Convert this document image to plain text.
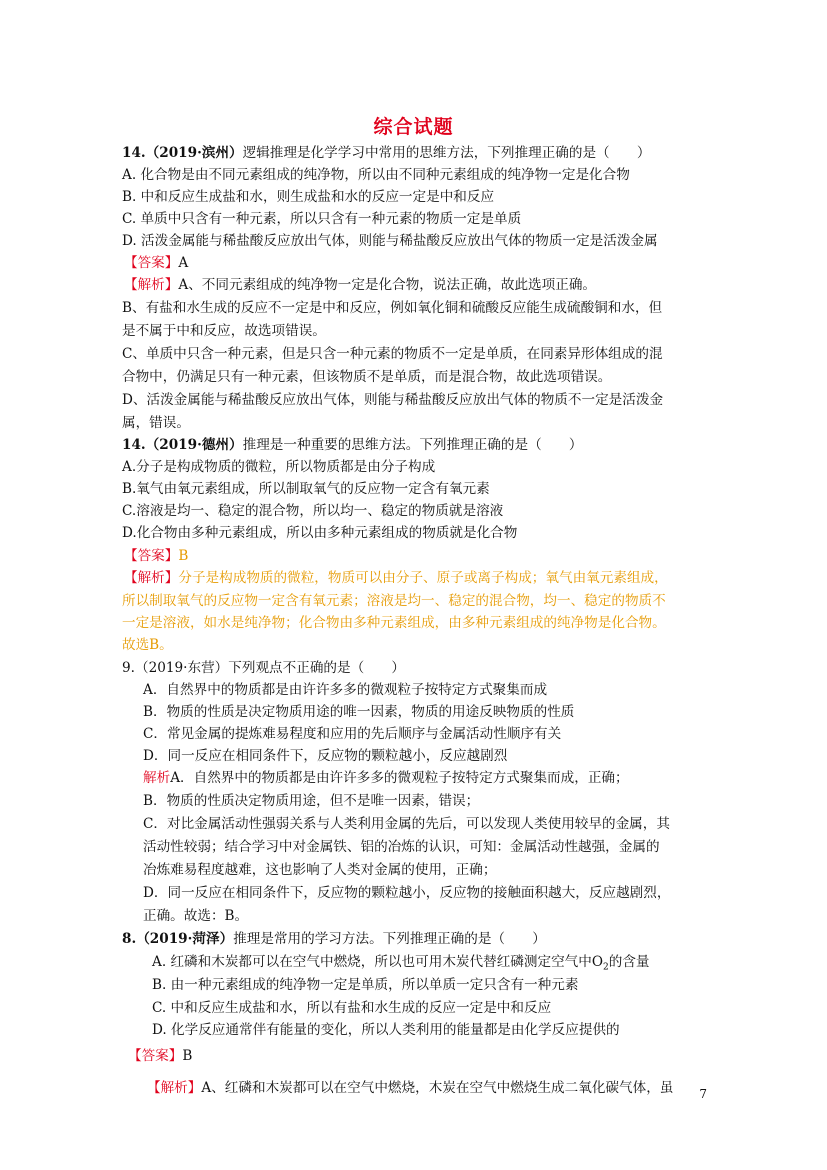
综合试题
14.（2019·滨州）逻辑推理是化学学习中常用的思维方法，下列推理正确的是（　　）
A. 化合物是由不同元素组成的纯净物，所以由不同种元素组成的纯净物一定是化合物
B. 中和反应生成盐和水，则生成盐和水的反应一定是中和反应
C. 单质中只含有一种元素，所以只含有一种元素的物质一定是单质
D. 活泼金属能与稀盐酸反应放出气体，则能与稀盐酸反应放出气体的物质一定是活泼金属
【答案】A
【解析】A、不同元素组成的纯净物一定是化合物，说法正确，故此选项正确。
B、有盐和水生成的反应不一定是中和反应，例如氧化铜和硫酸反应能生成硫酸铜和水，但
是不属于中和反应，故选项错误。
C、单质中只含一种元素，但是只含一种元素的物质不一定是单质，在同素异形体组成的混
合物中，仍满足只有一种元素，但该物质不是单质，而是混合物，故此选项错误。
D、活泼金属能与稀盐酸反应放出气体，则能与稀盐酸反应放出气体的物质不一定是活泼金
属，错误。
14.（2019·德州）推理是一种重要的思维方法。下列推理正确的是（　　）
A.分子是构成物质的微粒，所以物质都是由分子构成
B.氧气由氧元素组成，所以制取氧气的反应物一定含有氧元素
C.溶液是均一、稳定的混合物，所以均一、稳定的物质就是溶液
D.化合物由多种元素组成，所以由多种元素组成的物质就是化合物
【答案】B
【解析】分子是构成物质的微粒，物质可以由分子、原子或离子构成；氧气由氧元素组成，
所以制取氧气的反应物一定含有氧元素；溶液是均一、稳定的混合物，均一、稳定的物质不
一定是溶液，如水是纯净物；化合物由多种元素组成，由多种元素组成的纯净物是化合物。
故选B。
9.（2019·东营）下列观点不正确的是（　　）
A．自然界中的物质都是由许许多多的微观粒子按特定方式聚集而成
B．物质的性质是决定物质用途的唯一因素，物质的用途反映物质的性质
C．常见金属的提炼难易程度和应用的先后顺序与金属活动性顺序有关
D．同一反应在相同条件下，反应物的颗粒越小，反应越剧烈
解析A．自然界中的物质都是由许许多多的微观粒子按特定方式聚集而成，正确；
B．物质的性质决定物质用途，但不是唯一因素，错误；
C．对比金属活动性强弱关系与人类利用金属的先后，可以发现人类使用较早的金属，其
活动性较弱；结合学习中对金属铁、铝的冶炼的认识，可知：金属活动性越强，金属的
冶炼难易程度越难，这也影响了人类对金属的使用，正确；
D．同一反应在相同条件下，反应物的颗粒越小，反应物的接触面积越大，反应越剧烈，
正确。故选：B。
8.（2019·菏泽）推理是常用的学习方法。下列推理正确的是（　　）
A. 红磷和木炭都可以在空气中燃烧，所以也可用木炭代替红磷测定空气中$O_2$的含量
B. 由一种元素组成的纯净物一定是单质，所以单质一定只含有一种元素
C. 中和反应生成盐和水，所以有盐和水生成的反应一定是中和反应
D. 化学反应通常伴有能量的变化，所以人类利用的能量都是由化学反应提供的
【答案】B
【解析】A、红磷和木炭都可以在空气中燃烧，木炭在空气中燃烧生成二氧化碳气体，虽 7
